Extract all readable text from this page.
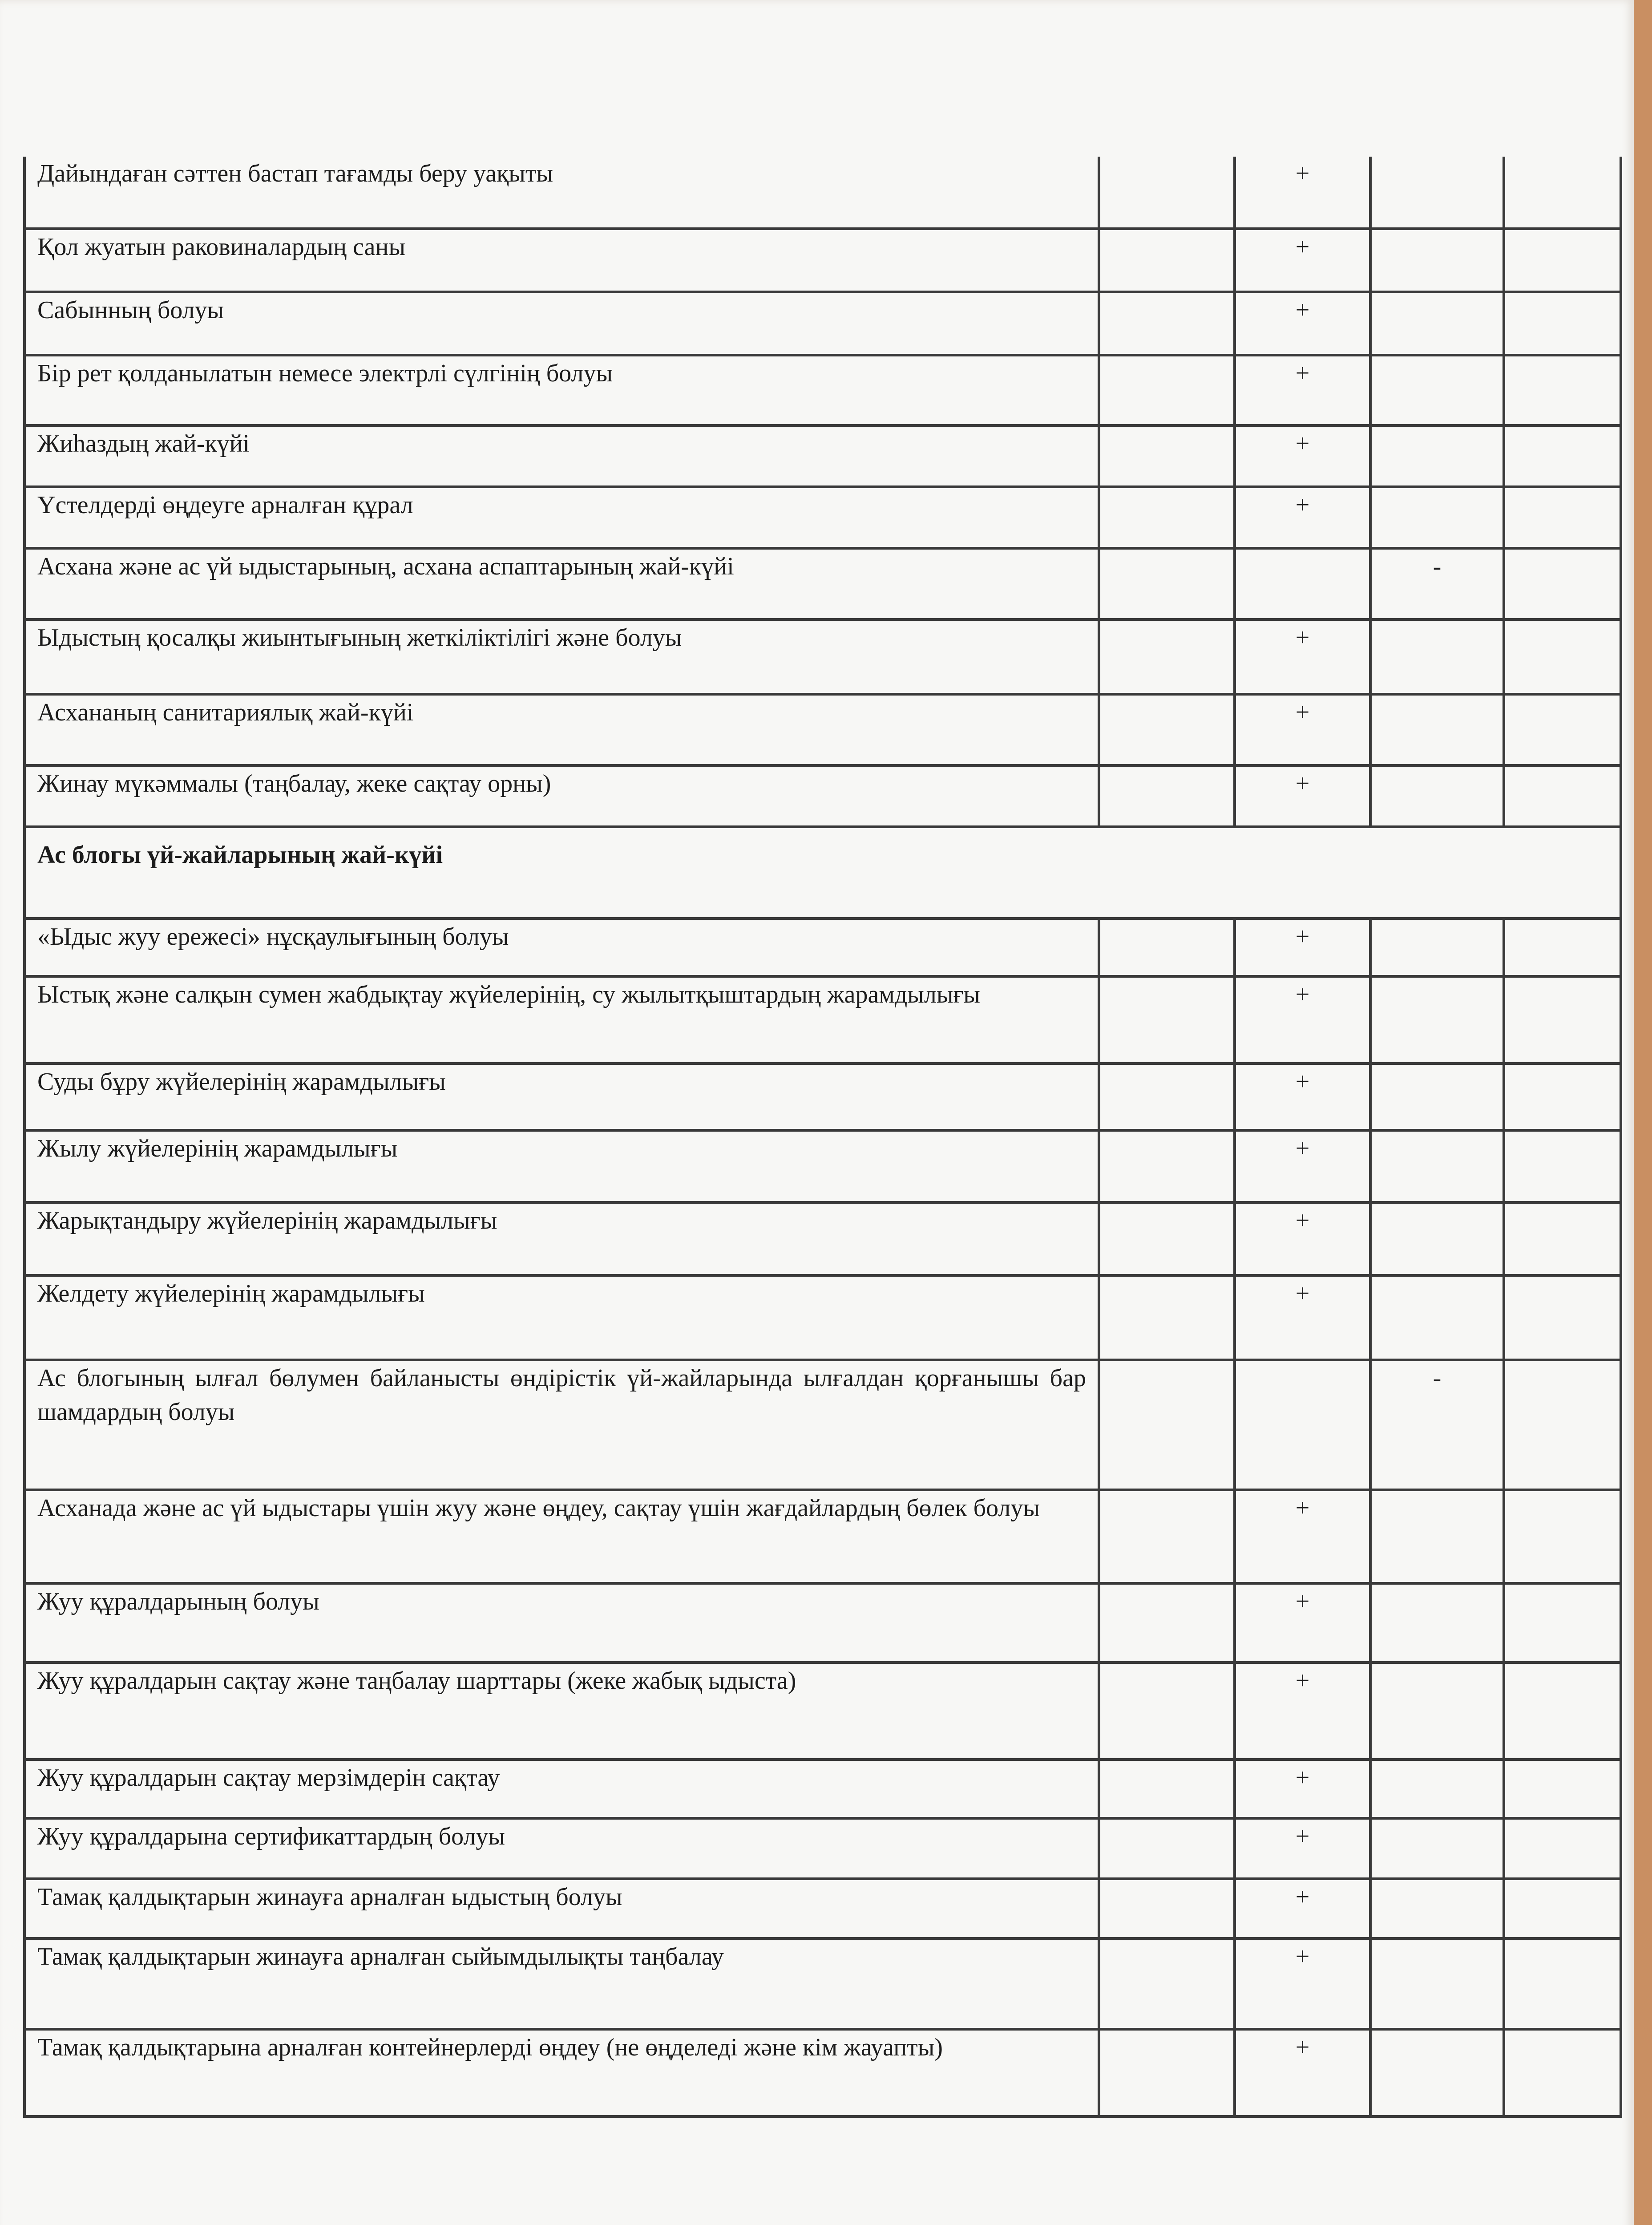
Дайындаған сәттен бастап тағамды беру уақыты		+		
Қол жуатын раковиналардың саны		+		
Сабынның болуы		+		
Бір рет қолданылатын немесе электрлі сүлгінің болуы		+		
Жиһаздың жай-күйі		+		
Үстелдерді өңдеуге арналған құрал		+		
Асхана және ас үй ыдыстарының, асхана аспаптарының жай-күйі			-	
Ыдыстың қосалқы жиынтығының жеткіліктілігі және болуы		+		
Асхананың санитариялық жай-күйі		+		
Жинау мүкәммалы (таңбалау, жеке сақтау орны)		+		
Ас блогы үй-жайларының жай-күйі				
«Ыдыс жуу ережесі» нұсқаулығының болуы		+		
Ыстық және салқын сумен жабдықтау жүйелерінің, су жылытқыштардың жарамдылығы		+		
Суды бұру жүйелерінің жарамдылығы		+		
Жылу жүйелерінің жарамдылығы		+		
Жарықтандыру жүйелерінің жарамдылығы		+		
Желдету жүйелерінің жарамдылығы		+		
Ас блогының ылғал бөлумен байланысты өндірістік үй-жайларында ылғалдан қорғанышы бар шамдардың болуы			-	
Асханада және ас үй ыдыстары үшін жуу және өңдеу, сақтау үшін жағдайлардың бөлек болуы		+		
Жуу құралдарының болуы		+		
Жуу құралдарын сақтау және таңбалау шарттары (жеке жабық ыдыста)		+		
Жуу құралдарын сақтау мерзімдерін сақтау		+		
Жуу құралдарына сертификаттардың болуы		+		
Тамақ қалдықтарын жинауға арналған ыдыстың болуы		+		
Тамақ қалдықтарын жинауға арналған сыйымдылықты таңбалау		+		
Тамақ қалдықтарына арналған контейнерлерді өңдеу (не өңделеді және кім жауапты)		+		
